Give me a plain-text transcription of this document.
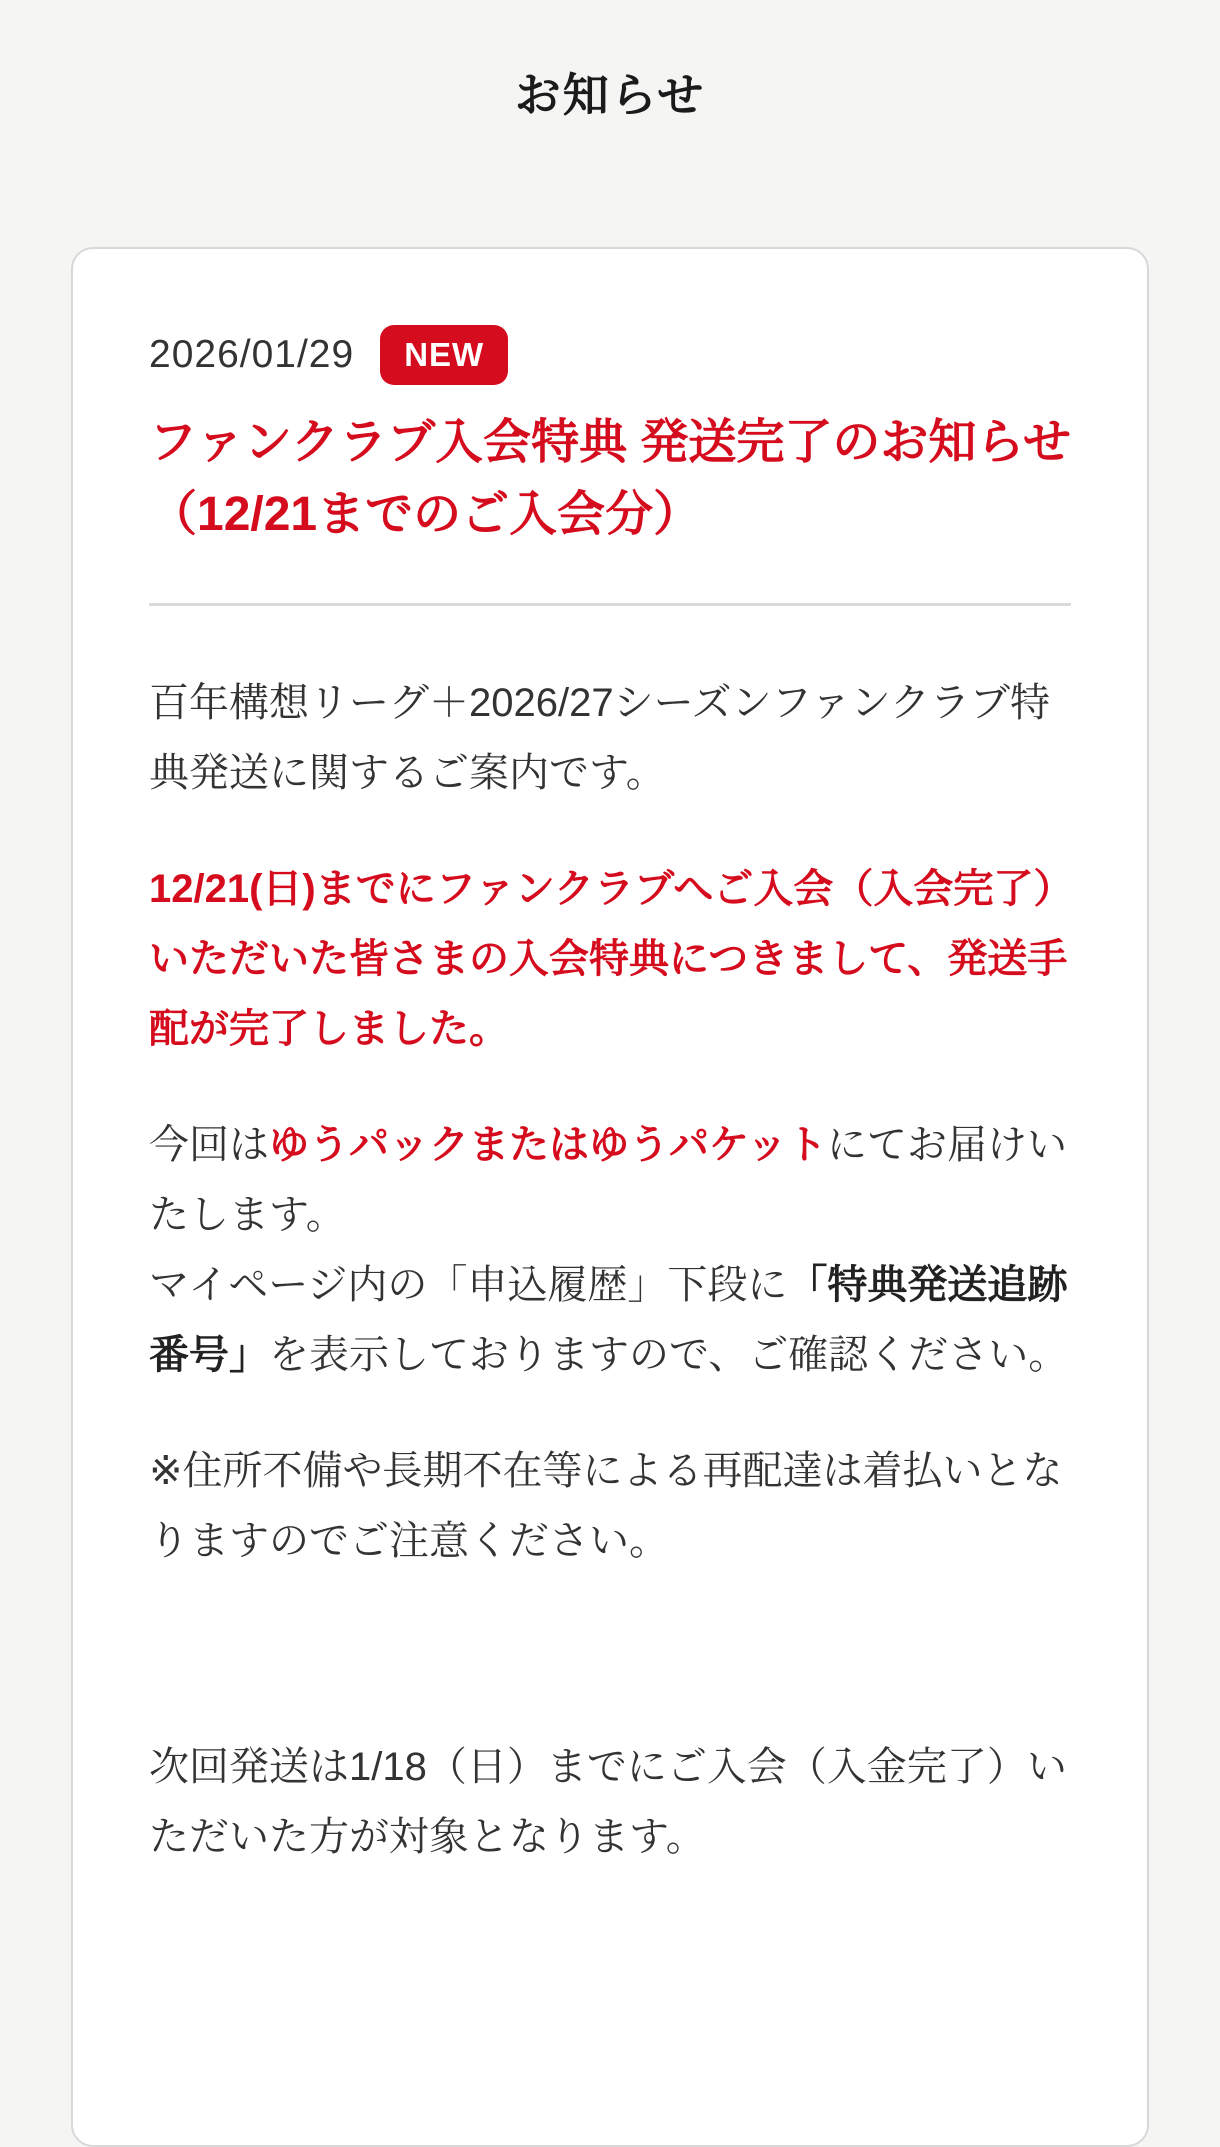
お知らせ
2026/01/29	NEW
ファンクラブ入会特典 発送完了のお知らせ（12/21までのご入会分）

百年構想リーグ＋2026/27シーズンファンクラブ特典発送に関するご案内です。

12/21(日)までにファンクラブへご入会（入会完了）いただいた皆さまの入会特典につきまして、発送手配が完了しました。

今回はゆうパックまたはゆうパケットにてお届けいたします。
マイページ内の「申込履歴」下段に「特典発送追跡番号」を表示しておりますので、ご確認ください。

※住所不備や長期不在等による再配達は着払いとなりますのでご注意ください。

次回発送は1/18（日）までにご入会（入金完了）いただいた方が対象となります。
